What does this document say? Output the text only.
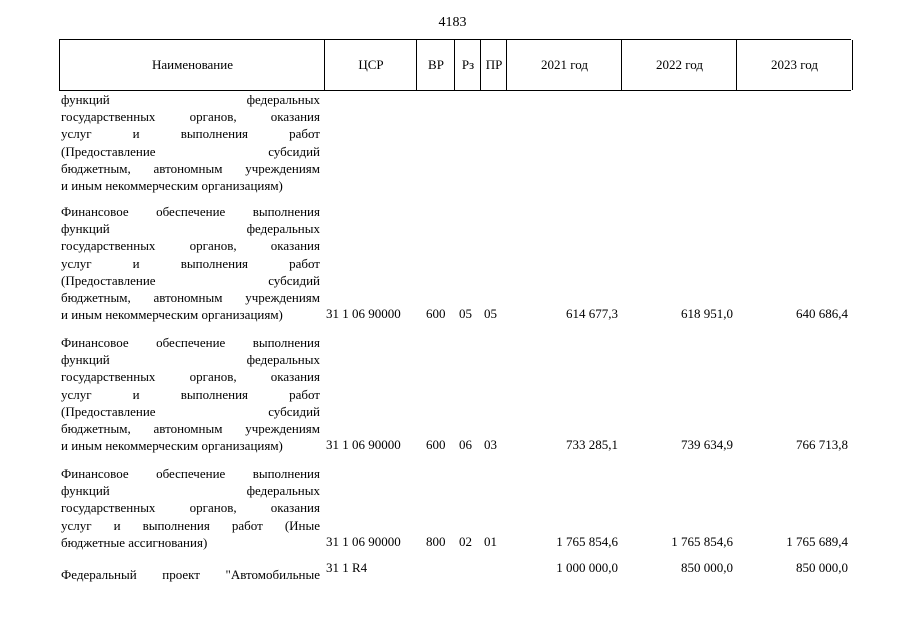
4183
Наименование	ЦСР	ВР	Рз ПР	2021 год	2022 год	2023 год
функций федеральных
государственных органов, оказания
услуг и выполнения работ
(Предоставление субсидий
бюджетным, автономным учреждениям
и иным некоммерческим организациям)
Финансовое обеспечение выполнения
функций федеральных
государственных органов, оказания
услуг и выполнения работ
(Предоставление субсидий
бюджетным, автономным учреждениям
и иным некоммерческим организациям)	31 1 06 90000 600 05 05	614 677,3	618 951,0	640 686,4
Финансовое обеспечение выполнения
функций федеральных
государственных органов, оказания
услуг и выполнения работ
(Предоставление субсидий
бюджетным, автономным учреждениям
и иным некоммерческим организациям)	31 1 06 90000 600 06 03	733 285,1	739 634,9	766 713,8
Финансовое обеспечение выполнения
функций федеральных
государственных органов, оказания
услуг и выполнения работ (Иные
бюджетные ассигнования)	31 1 06 90000 800 02 01	1 765 854,6	1 765 854,6	1 765 689,4
Федеральный проект "Автомобильные 31 1 R4	1 000 000,0	850 000,0	850 000,0
